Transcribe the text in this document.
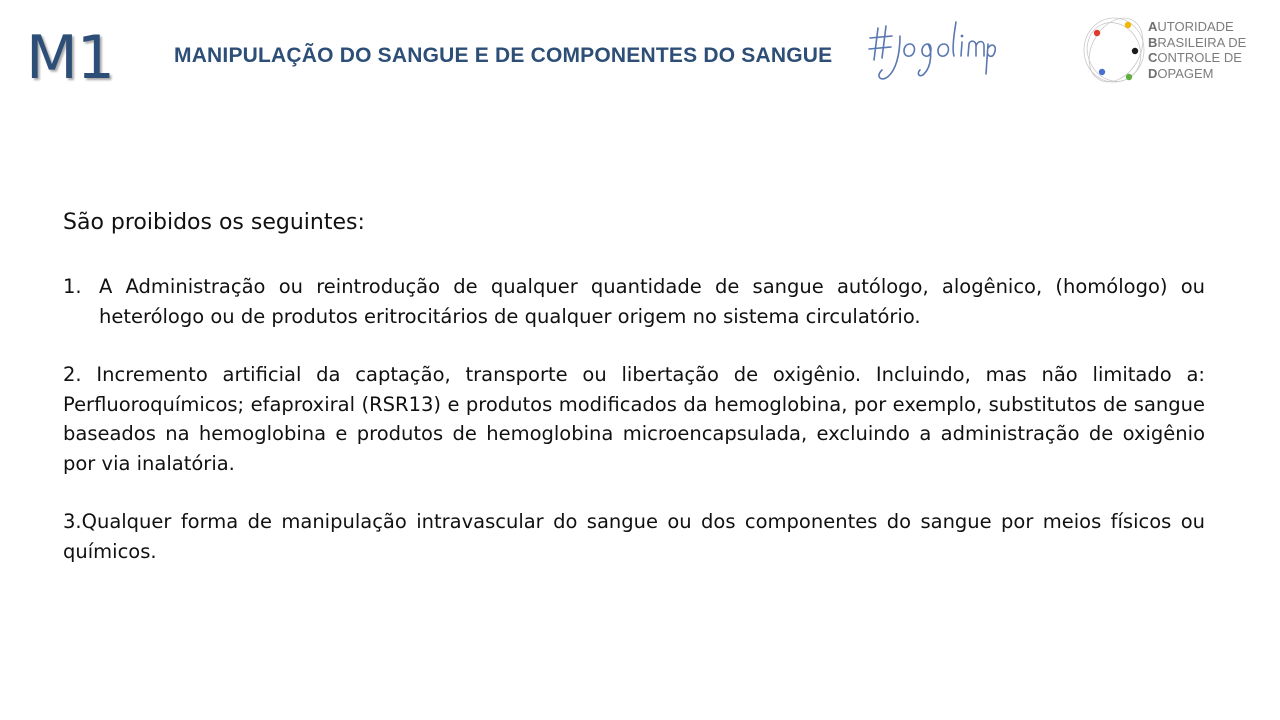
M1	MANIPULAÇÃO DO SANGUE E DE COMPONENTES DO SANGUE
AUTORIDADE
BRASILEIRA DE
CONTROLE DE
DOPAGEM

São proibidos os seguintes:

1. A Administração ou reintrodução de qualquer quantidade de sangue autólogo, alogênico, (homólogo) ou heterólogo ou de produtos eritrocitários de qualquer origem no sistema circulatório.
2. Incremento artificial da captação, transporte ou libertação de oxigênio. Incluindo, mas não limitado a: Perfluoroquímicos; efaproxiral (RSR13) e produtos modificados da hemoglobina, por exemplo, substitutos de sangue baseados na hemoglobina e produtos de hemoglobina microencapsulada, excluindo a administração de oxigênio por via inalatória.
3.Qualquer forma de manipulação intravascular do sangue ou dos componentes do sangue por meios físicos ou químicos.
